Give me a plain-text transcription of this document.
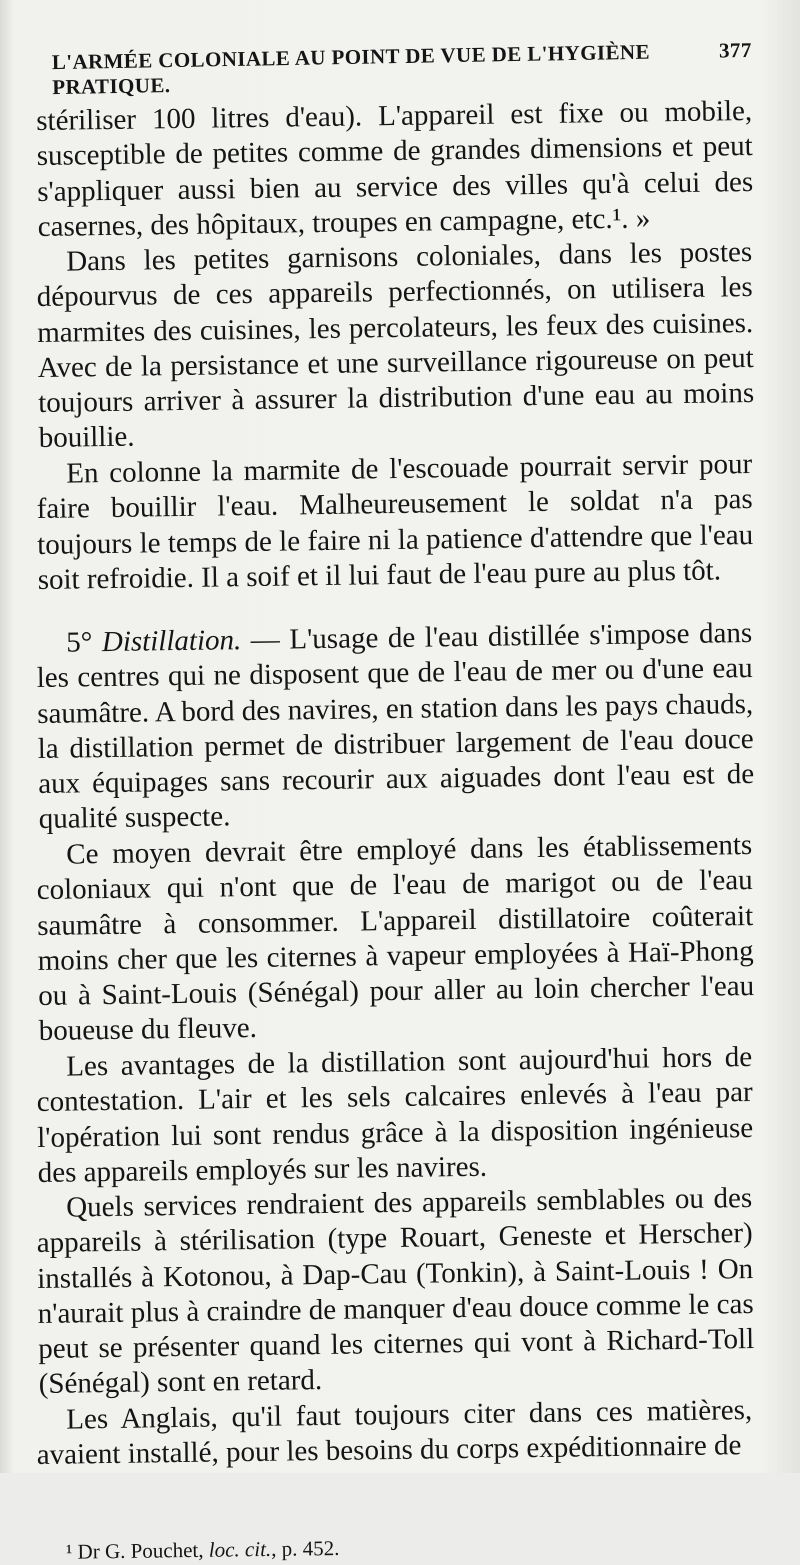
L'ARMÉE COLONIALE AU POINT DE VUE DE L'HYGIÈNE PRATIQUE.
377

stériliser 100 litres d'eau). L'appareil est fixe ou mobile, susceptible de petites comme de grandes dimensions et peut s'appliquer aussi bien au service des villes qu'à celui des casernes, des hôpitaux, troupes en campagne, etc.¹. »

Dans les petites garnisons coloniales, dans les postes dépourvus de ces appareils perfectionnés, on utilisera les marmites des cuisines, les percolateurs, les feux des cuisines. Avec de la persistance et une surveillance rigoureuse on peut toujours arriver à assurer la distribution d'une eau au moins bouillie.

En colonne la marmite de l'escouade pourrait servir pour faire bouillir l'eau. Malheureusement le soldat n'a pas toujours le temps de le faire ni la patience d'attendre que l'eau soit refroidie. Il a soif et il lui faut de l'eau pure au plus tôt.

5° Distillation. — L'usage de l'eau distillée s'impose dans les centres qui ne disposent que de l'eau de mer ou d'une eau saumâtre. A bord des navires, en station dans les pays chauds, la distillation permet de distribuer largement de l'eau douce aux équipages sans recourir aux aiguades dont l'eau est de qualité suspecte.

Ce moyen devrait être employé dans les établissements coloniaux qui n'ont que de l'eau de marigot ou de l'eau saumâtre à consommer. L'appareil distillatoire coûterait moins cher que les citernes à vapeur employées à Haï-Phong ou à Saint-Louis (Sénégal) pour aller au loin chercher l'eau boueuse du fleuve.

Les avantages de la distillation sont aujourd'hui hors de contestation. L'air et les sels calcaires enlevés à l'eau par l'opération lui sont rendus grâce à la disposition ingénieuse des appareils employés sur les navires.

Quels services rendraient des appareils semblables ou des appareils à stérilisation (type Rouart, Geneste et Herscher) installés à Kotonou, à Dap-Cau (Tonkin), à Saint-Louis ! On n'aurait plus à craindre de manquer d'eau douce comme le cas peut se présenter quand les citernes qui vont à Richard-Toll (Sénégal) sont en retard.

Les Anglais, qu'il faut toujours citer dans ces matières, avaient installé, pour les besoins du corps expéditionnaire de

¹ Dr G. Pouchet, loc. cit., p. 452.
